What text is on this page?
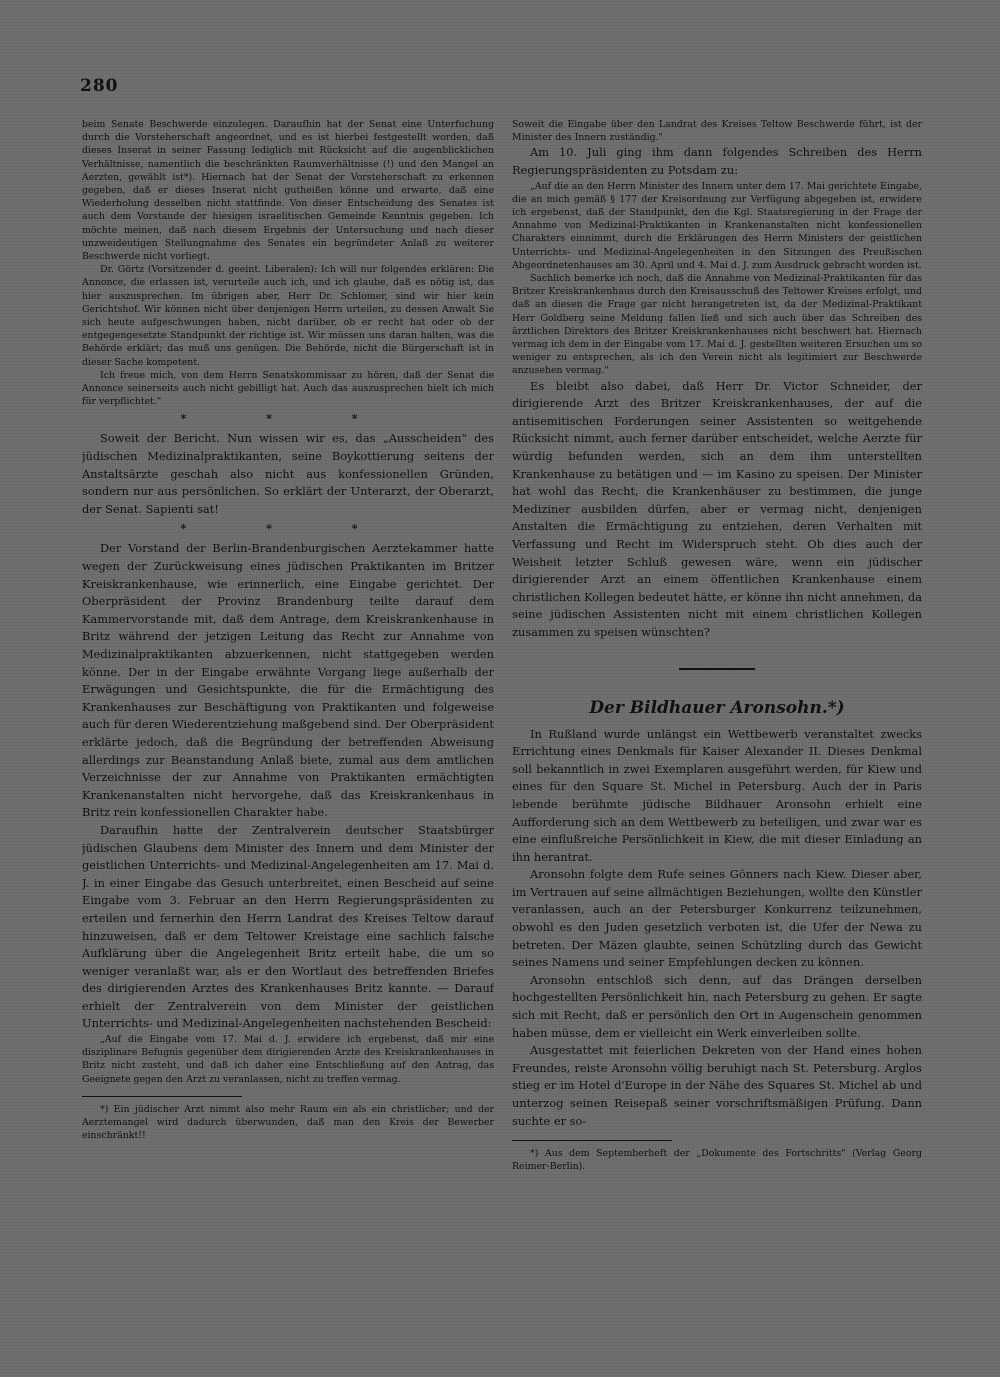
280

beim Senate Beschwerde einzulegen. Daraufhin hat der Senat eine Unterfuchung durch die Vorsteherschaft angeordnet, und es ist hierbei festgestellt worden, daß dieses Inserat in seiner Fassung lediglich mit Rücksicht auf die augenblicklichen Verhältnisse, namentlich die beschränkten Raumverhältnisse (!) und den Mangel an Aerzten, gewählt ist*). Hiernach hat der Senat der Vorsteherschaft zu erkennen gegeben, daß er dieses Inserat nicht gutheißen könne und erwarte, daß eine Wiederholung desselben nicht stattfinde. Von dieser Entscheidung des Senates ist auch dem Vorstande der hiesigen israelitischen Gemeinde Kenntnis gegeben. Ich möchte meinen, daß nach diesem Ergebnis der Untersuchung und nach dieser unzweideutigen Stellungnahme des Senates ein begründeter Anlaß zu weiterer Beschwerde nicht vorliegt.

Dr. Görtz (Vorsitzender d. geeint. Liberalen): Ich will nur folgendes erklären: Die Annonce, die erlassen ist, verurteile auch ich, und ich glaube, daß es nötig ist, das hier auszusprechen. Im übrigen aber, Herr Dr. Schlomer, sind wir hier kein Gerichtshof. Wir können nicht über denjenigen Herrn urteilen, zu dessen Anwalt Sie sich heute aufgeschwungen haben, nicht darüber, ob er recht hat oder ob der entgegengesetzte Standpunkt der richtige ist. Wir müssen uns daran halten, was die Behörde erklärt; das muß uns genügen. Die Behörde, nicht die Bürgerschaft ist in dieser Sache kompetent.

Ich freue mich, von dem Herrn Senatskommissar zu hören, daß der Senat die Annonce seinerseits auch nicht gebilligt hat. Auch das auszusprechen hielt ich mich für verpflichtet."

* * *

Soweit der Bericht. Nun wissen wir es, das „Ausscheiden" des jüdischen Medizinalpraktikanten, seine Boykottierung seitens der Anstaltsärzte geschah also nicht aus konfessionellen Gründen, sondern nur aus persönlichen. So erklärt der Unterarzt, der Oberarzt, der Senat. Sapienti sat!

* * *

Der Vorstand der Berlin-Brandenburgischen Aerztekammer hatte wegen der Zurückweisung eines jüdischen Praktikanten im Britzer Kreiskrankenhause, wie erinnerlich, eine Eingabe gerichtet. Der Oberpräsident der Provinz Brandenburg teilte darauf dem Kammervorstande mit, daß dem Antrage, dem Kreiskrankenhause in Britz während der jetzigen Leitung das Recht zur Annahme von Medizinalpraktikanten abzuerkennen, nicht stattgegeben werden könne. Der in der Eingabe erwähnte Vorgang liege außerhalb der Erwägungen und Gesichtspunkte, die für die Ermächtigung des Krankenhauses zur Beschäftigung von Praktikanten und folgeweise auch für deren Wiederentziehung maßgebend sind. Der Oberpräsident erklärte jedoch, daß die Begründung der betreffenden Abweisung allerdings zur Beanstandung Anlaß biete, zumal aus dem amtlichen Verzeichnisse der zur Annahme von Praktikanten ermächtigten Krankenanstalten nicht hervorgehe, daß das Kreiskrankenhaus in Britz rein konfessionellen Charakter habe.

Daraufhin hatte der Zentralverein deutscher Staatsbürger jüdischen Glaubens dem Minister des Innern und dem Minister der geistlichen Unterrichts- und Medizinal-Angelegenheiten am 17. Mai d. J. in einer Eingabe das Gesuch unterbreitet, einen Bescheid auf seine Eingabe vom 3. Februar an den Herrn Regierungspräsidenten zu erteilen und fernerhin den Herrn Landrat des Kreises Teltow darauf hinzuweisen, daß er dem Teltower Kreistage eine sachlich falsche Aufklärung über die Angelegenheit Britz erteilt habe, die um so weniger veranlaßt war, als er den Wortlaut des betreffenden Briefes des dirigierenden Arztes des Krankenhauses Britz kannte. — Darauf erhielt der Zentralverein von dem Minister der geistlichen Unterrichts- und Medizinal-Angelegenheiten nachstehenden Bescheid:

„Auf die Eingabe vom 17. Mai d. J. erwidere ich ergebenst, daß mir eine disziplinare Befugnis gegenüber dem dirigierenden Arzte des Kreiskrankenhauses in Britz nicht zusteht, und daß ich daher eine Entschließung auf den Antrag, das Geeignete gegen den Arzt zu veranlassen, nicht zu treffen vermag.

*) Ein jüdischer Arzt nimmt also mehr Raum ein als ein christlicher; und der Aerztemangel wird dadurch überwunden, daß man den Kreis der Bewerber einschränkt!!

Soweit die Eingabe über den Landrat des Kreises Teltow Beschwerde führt, ist der Minister des Innern zuständig."

Am 10. Juli ging ihm dann folgendes Schreiben des Herrn Regierungspräsidenten zu Potsdam zu:

„Auf die an den Herrn Minister des Innern unter dem 17. Mai gerichtete Eingabe, die an mich gemäß § 177 der Kreisordnung zur Verfügung abgegeben ist, erwidere ich ergebenst, daß der Standpunkt, den die Kgl. Staatsregierung in der Frage der Annahme von Medizinal-Praktikanten in Krankenanstalten nicht konfessionellen Charakters einnimmt, durch die Erklärungen des Herrn Ministers der geistlichen Unterrichts- und Medizinal-Angelegenheiten in den Sitzungen des Preußischen Abgeordnetenhauses am 30. April und 4. Mai d. J. zum Ausdruck gebracht worden ist.

Sachlich bemerke ich noch, daß die Annahme von Medizinal-Praktikanten für das Britzer Kreiskrankenhaus durch den Kreisausschuß des Teltower Kreises erfolgt, und daß an diesen die Frage gar nicht herangetreten ist, da der Medizinal-Praktikant Herr Goldberg seine Meldung fallen ließ und sich auch über das Schreiben des ärztlichen Direktors des Britzer Kreiskrankenhauses nicht beschwert hat. Hiernach vermag ich dem in der Eingabe vom 17. Mai d. J. gestellten weiteren Ersuchen um so weniger zu entsprechen, als ich den Verein nicht als legitimiert zur Beschwerde anzusehen vermag."

Es bleibt also dabei, daß Herr Dr. Victor Schneider, der dirigierende Arzt des Britzer Kreiskrankenhauses, der auf die antisemitischen Forderungen seiner Assistenten so weitgehende Rücksicht nimmt, auch ferner darüber entscheidet, welche Aerzte für würdig befunden werden, sich an dem ihm unterstellten Krankenhause zu betätigen und — im Kasino zu speisen. Der Minister hat wohl das Recht, die Krankenhäuser zu bestimmen, die junge Mediziner ausbilden dürfen, aber er vermag nicht, denjenigen Anstalten die Ermächtigung zu entziehen, deren Verhalten mit Verfassung und Recht im Widerspruch steht. Ob dies auch der Weisheit letzter Schluß gewesen wäre, wenn ein jüdischer dirigierender Arzt an einem öffentlichen Krankenhause einem christlichen Kollegen bedeutet hätte, er könne ihn nicht annehmen, da seine jüdischen Assistenten nicht mit einem christlichen Kollegen zusammen zu speisen wünschten?

Der Bildhauer Aronsohn.*)

In Rußland wurde unlängst ein Wettbewerb veranstaltet zwecks Errichtung eines Denkmals für Kaiser Alexander II. Dieses Denkmal soll bekanntlich in zwei Exemplaren ausgeführt werden, für Kiew und eines für den Square St. Michel in Petersburg. Auch der in Paris lebende berühmte jüdische Bildhauer Aronsohn erhielt eine Aufforderung sich an dem Wettbewerb zu beteiligen, und zwar war es eine einflußreiche Persönlichkeit in Kiew, die mit dieser Einladung an ihn herantrat.

Aronsohn folgte dem Rufe seines Gönners nach Kiew. Dieser aber, im Vertrauen auf seine allmächtigen Beziehungen, wollte den Künstler veranlassen, auch an der Petersburger Konkurrenz teilzunehmen, obwohl es den Juden gesetzlich verboten ist, die Ufer der Newa zu betreten. Der Mäzen glaubte, seinen Schützling durch das Gewicht seines Namens und seiner Empfehlungen decken zu können.

Aronsohn entschloß sich denn, auf das Drängen derselben hochgestellten Persönlichkeit hin, nach Petersburg zu gehen. Er sagte sich mit Recht, daß er persönlich den Ort in Augenschein genommen haben müsse, dem er vielleicht ein Werk einverleiben sollte.

Ausgestattet mit feierlichen Dekreten von der Hand eines hohen Freundes, reiste Aronsohn völlig beruhigt nach St. Petersburg. Arglos stieg er im Hotel d'Europe in der Nähe des Squares St. Michel ab und unterzog seinen Reisepaß seiner vorschriftsmäßigen Prüfung. Dann suchte er so-

*) Aus dem Septemberheft der „Dokumente des Fortschritts" (Verlag Georg Reimer-Berlin).
